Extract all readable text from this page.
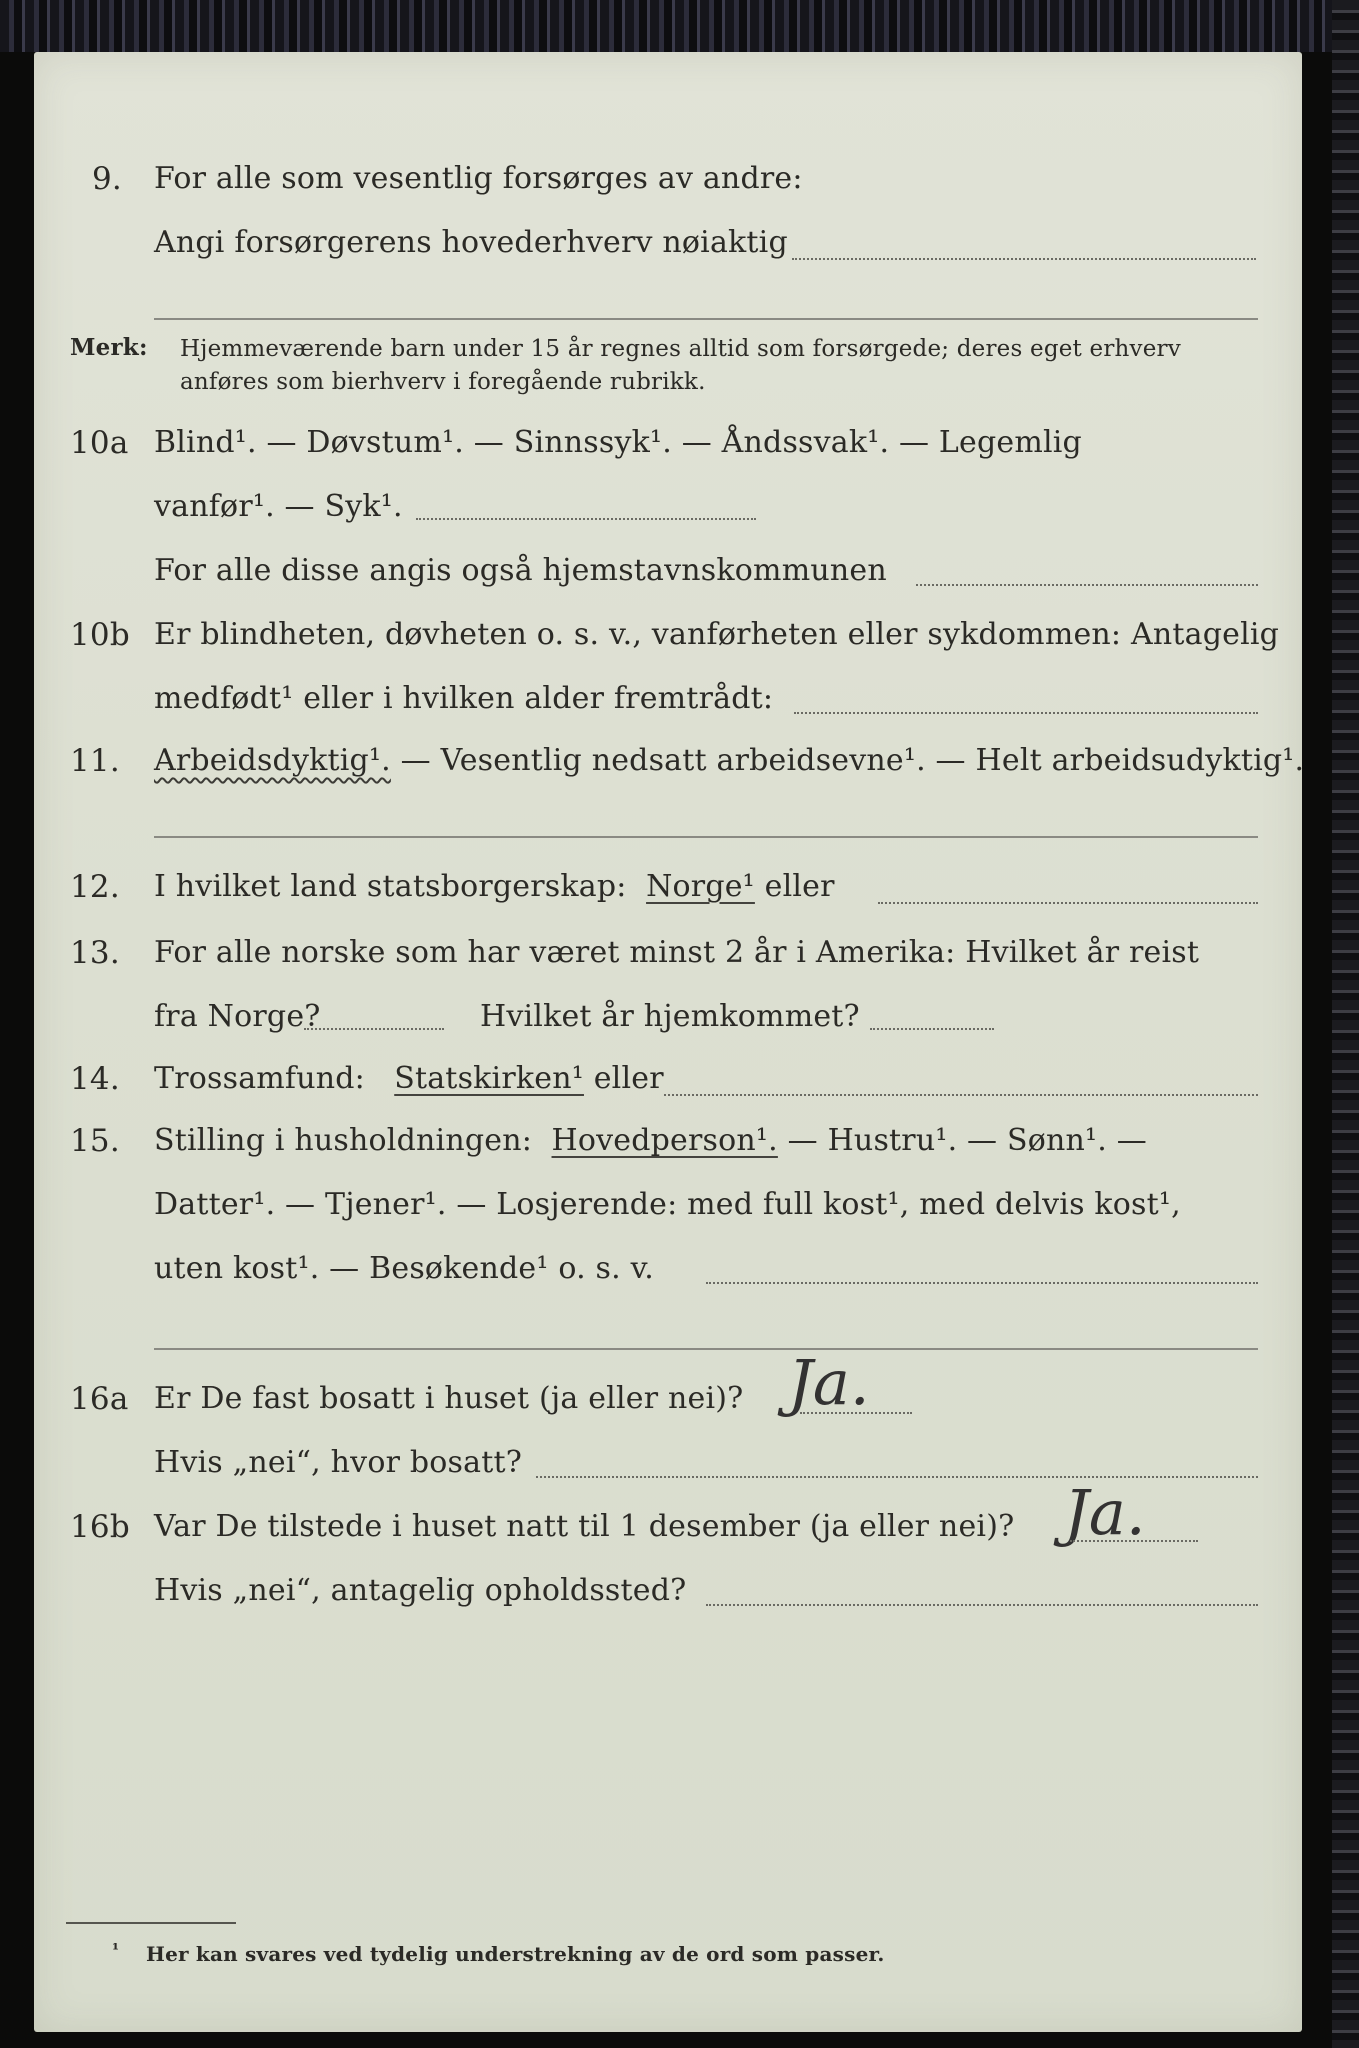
9. For alle som vesentlig forsørges av andre:
Angi forsørgerens hovederhverv nøiaktig
Merk: Hjemmeværende barn under 15 år regnes alltid som forsørgede; deres eget erhverv
anføres som bierhverv i foregående rubrikk.
10a Blind¹. — Døvstum¹. — Sinnssyk¹. — Åndssvak¹. — Legemlig
vanfør¹. — Syk¹.
For alle disse angis også hjemstavnskommunen
10b Er blindheten, døvheten o. s. v., vanførheten eller sykdommen: Antagelig
medfødt¹ eller i hvilken alder fremtrådt:
11. Arbeidsdyktig¹. — Vesentlig nedsatt arbeidsevne¹. — Helt arbeidsudyktig¹.
12. I hvilket land statsborgerskap: Norge¹ eller
13. For alle norske som har været minst 2 år i Amerika: Hvilket år reist
fra Norge?	Hvilket år hjemkommet?
14. Trossamfund: Statskirken¹ eller
15. Stilling i husholdningen: Hovedperson¹. — Hustru¹. — Sønn¹. —
Datter¹. — Tjener¹. — Losjerende: med full kost¹, med delvis kost¹,
uten kost¹. — Besøkende¹ o. s. v.
16a Er De fast bosatt i huset (ja eller nei)? Ja.
Hvis „nei“, hvor bosatt?
16b Var De tilstede i huset natt til 1 desember (ja eller nei)? Ja.
Hvis „nei“, antagelig opholdssted?
¹ Her kan svares ved tydelig understrekning av de ord som passer.
